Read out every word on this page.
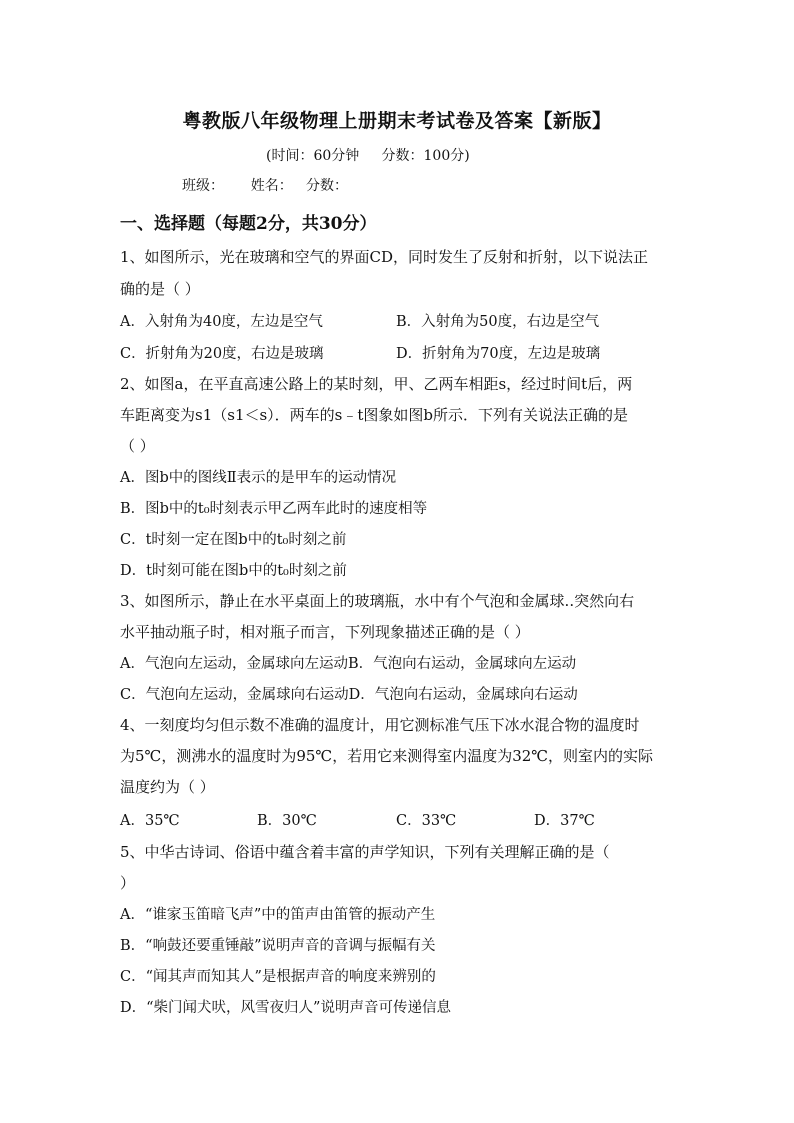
粤教版八年级物理上册期末考试卷及答案【新版】
(时间：60分钟     分数：100分)
班级：      姓名：   分数：
一、选择题（每题2分，共30分）
1、如图所示，光在玻璃和空气的界面CD，同时发生了反射和折射，以下说法正
确的是（ ）
A．入射角为40度，左边是空气	B．入射角为50度，右边是空气
C．折射角为20度，右边是玻璃	D．折射角为70度，左边是玻璃
2、如图a，在平直高速公路上的某时刻，甲、乙两车相距s，经过时间t后，两
车距离变为s1（s1＜s）．两车的s﹣t图象如图b所示．下列有关说法正确的是
（ ）
A．图b中的图线Ⅱ表示的是甲车的运动情况
B．图b中的t₀时刻表示甲乙两车此时的速度相等
C．t时刻一定在图b中的t₀时刻之前
D．t时刻可能在图b中的t₀时刻之前
3、如图所示，静止在水平桌面上的玻璃瓶，水中有个气泡和金属球..突然向右
水平抽动瓶子时，相对瓶子而言，下列现象描述正确的是（ ）
A．气泡向左运动，金属球向左运动B．气泡向右运动，金属球向左运动
C．气泡向左运动，金属球向右运动D．气泡向右运动，金属球向右运动
4、一刻度均匀但示数不准确的温度计，用它测标准气压下冰水混合物的温度时
为5℃，测沸水的温度时为95℃，若用它来测得室内温度为32℃，则室内的实际
温度约为（ ）
A．35℃	B．30℃	C．33℃	D．37℃
5、中华古诗词、俗语中蕴含着丰富的声学知识，下列有关理解正确的是（
）
A．“谁家玉笛暗飞声”中的笛声由笛管的振动产生
B．“响鼓还要重锤敲”说明声音的音调与振幅有关
C．“闻其声而知其人”是根据声音的响度来辨别的
D．“柴门闻犬吠，风雪夜归人”说明声音可传递信息
